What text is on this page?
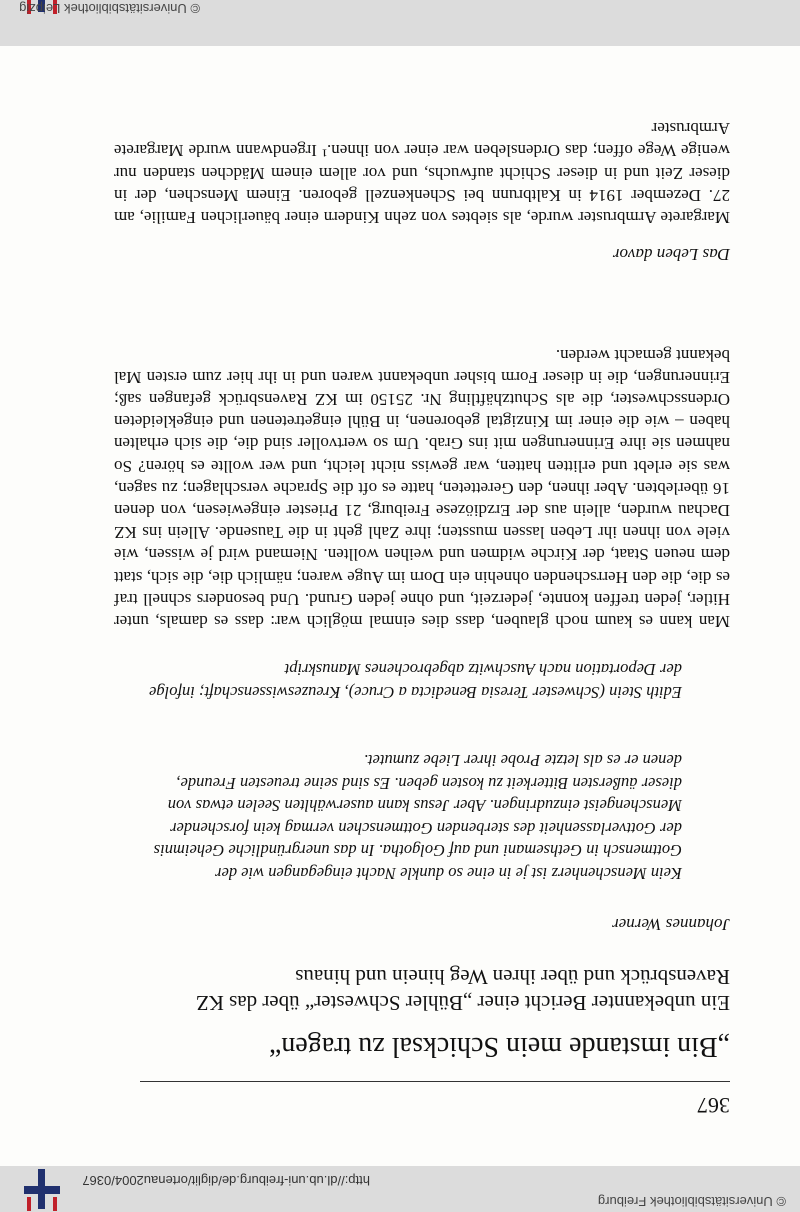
© Universitätsbibliothek Freiburg
http://dl.ub.uni-freiburg.de/diglit/ortenau2004/0367
© Universitätsbibliothek Leipzig
367
„Bin imstande mein Schicksal zu tragen“
Ein unbekannter Bericht einer „Bühler Schwester“ über das KZ Ravensbrück und über ihren Weg hinein und hinaus
Johannes Werner
Kein Menschenherz ist je in eine so dunkle Nacht eingegangen wie der Gottmensch in Gethsemani und auf Golgotha. In das unergründliche Geheimnis der Gottverlassenheit des sterbenden Gottmenschen vermag kein forschender Menschengeist einzudringen. Aber Jesus kann auserwählten Seelen etwas von dieser äußersten Bitterkeit zu kosten geben. Es sind seine treuesten Freunde, denen er es als letzte Probe ihrer Liebe zumutet.
Edith Stein (Schwester Teresia Benedicta a Cruce), Kreuzeswissenschaft; infolge der Deportation nach Auschwitz abgebrochenes Manuskript
Man kann es kaum noch glauben, dass dies einmal möglich war: dass es damals, unter Hitler, jeden treffen konnte, jederzeit, und ohne jeden Grund. Und besonders schnell traf es die, die den Herrschenden ohnehin ein Dorn im Auge waren; nämlich die, die sich, statt dem neuen Staat, der Kirche widmen und weihen wollten. Niemand wird je wissen, wie viele von ihnen ihr Leben lassen mussten; ihre Zahl geht in die Tausende. Allein ins KZ Dachau wurden, allein aus der Erzdiözese Freiburg, 21 Priester eingewiesen, von denen 16 überlebten. Aber ihnen, den Geretteten, hatte es oft die Sprache verschlagen; zu sagen, was sie erlebt und erlitten hatten, war gewiss nicht leicht, und wer wollte es hören? So nahmen sie ihre Erinnerungen mit ins Grab. Um so wertvoller sind die, die sich erhalten haben – wie die einer im Kinzigtal geborenen, in Bühl eingetretenen und eingekleideten Ordensschwester, die als Schutzhäftling Nr. 25150 im KZ Ravensbrück gefangen saß; Erinnerungen, die in dieser Form bisher unbekannt waren und in ihr hier zum ersten Mal bekannt gemacht werden.
Das Leben davor
Margarete Armbruster wurde, als siebtes von zehn Kindern einer bäuerlichen Familie, am 27. Dezember 1914 in Kaltbrunn bei Schenkenzell geboren. Einem Menschen, der in dieser Zeit und in dieser Schicht aufwuchs, und vor allem einem Mädchen standen nur wenige Wege offen; das Ordensleben war einer von ihnen.¹ Irgendwann wurde Margarete Armbruster
